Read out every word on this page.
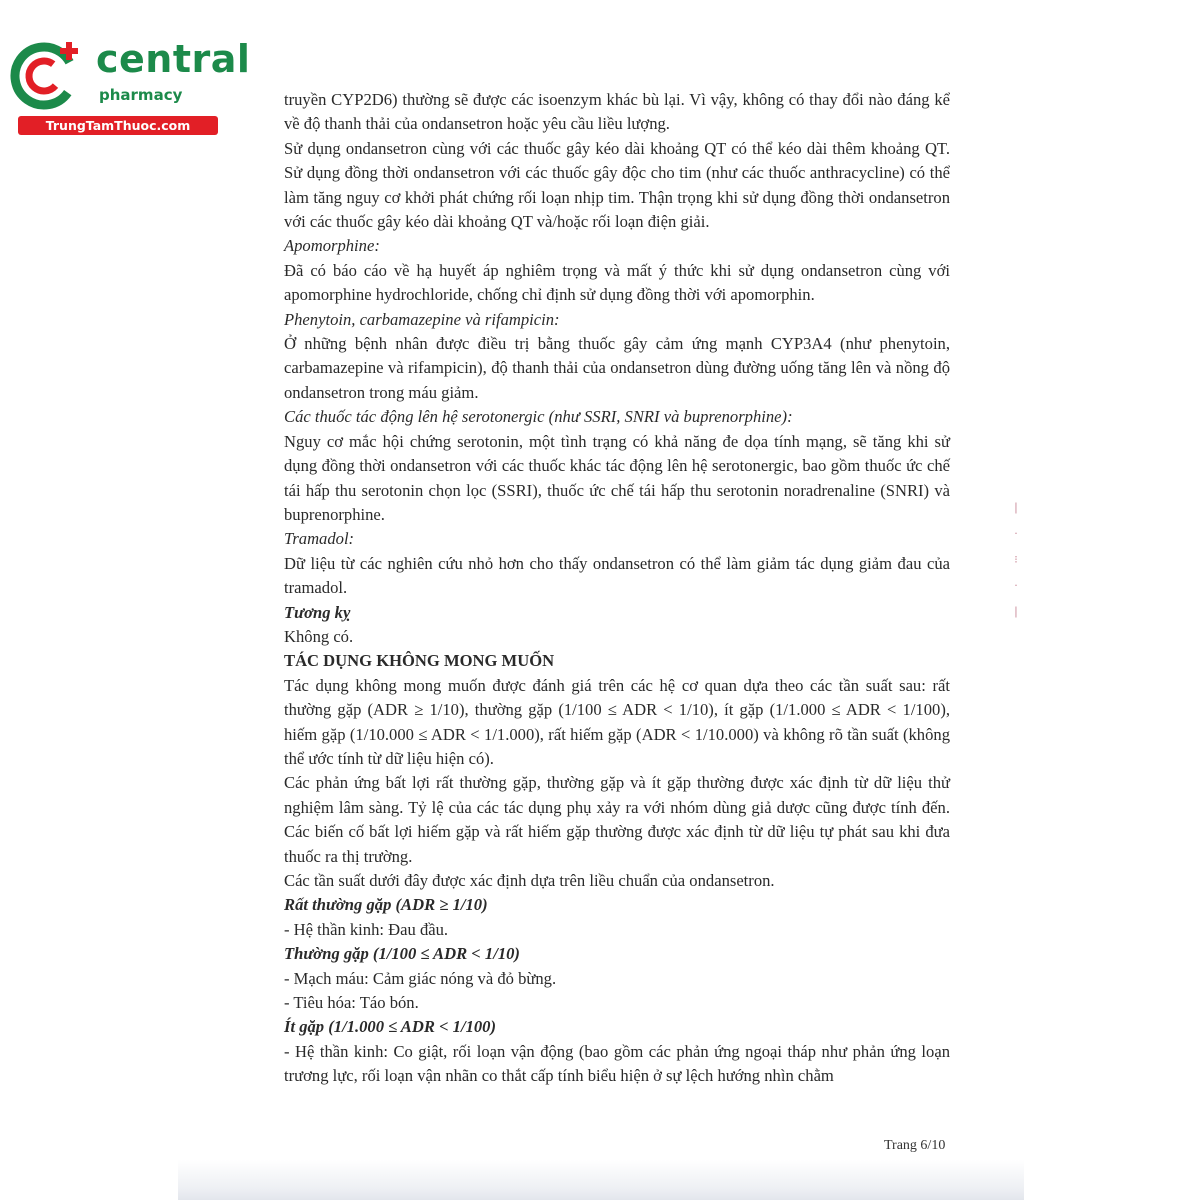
central
pharmacy
TrungTamThuoc.com

truyền CYP2D6) thường sẽ được các isoenzym khác bù lại. Vì vậy, không có thay đổi nào đáng kể về độ thanh thải của ondansetron hoặc yêu cầu liều lượng.

Sử dụng ondansetron cùng với các thuốc gây kéo dài khoảng QT có thể kéo dài thêm khoảng QT. Sử dụng đồng thời ondansetron với các thuốc gây độc cho tim (như các thuốc anthracycline) có thể làm tăng nguy cơ khởi phát chứng rối loạn nhịp tim. Thận trọng khi sử dụng đồng thời ondansetron với các thuốc gây kéo dài khoảng QT và/hoặc rối loạn điện giải.

Apomorphine:

Đã có báo cáo về hạ huyết áp nghiêm trọng và mất ý thức khi sử dụng ondansetron cùng với apomorphine hydrochloride, chống chỉ định sử dụng đồng thời với apomorphin.

Phenytoin, carbamazepine và rifampicin:

Ở những bệnh nhân được điều trị bằng thuốc gây cảm ứng mạnh CYP3A4 (như phenytoin, carbamazepine và rifampicin), độ thanh thải của ondansetron dùng đường uống tăng lên và nồng độ ondansetron trong máu giảm.

Các thuốc tác động lên hệ serotonergic (như SSRI, SNRI và buprenorphine):

Nguy cơ mắc hội chứng serotonin, một tình trạng có khả năng đe dọa tính mạng, sẽ tăng khi sử dụng đồng thời ondansetron với các thuốc khác tác động lên hệ serotonergic, bao gồm thuốc ức chế tái hấp thu serotonin chọn lọc (SSRI), thuốc ức chế tái hấp thu serotonin noradrenaline (SNRI) và buprenorphine.

Tramadol:

Dữ liệu từ các nghiên cứu nhỏ hơn cho thấy ondansetron có thể làm giảm tác dụng giảm đau của tramadol.

Tương kỵ

Không có.

TÁC DỤNG KHÔNG MONG MUỐN

Tác dụng không mong muốn được đánh giá trên các hệ cơ quan dựa theo các tần suất sau: rất thường gặp (ADR ≥ 1/10), thường gặp (1/100 ≤ ADR < 1/10), ít gặp (1/1.000 ≤ ADR < 1/100), hiếm gặp (1/10.000 ≤ ADR < 1/1.000), rất hiếm gặp (ADR < 1/10.000) và không rõ tần suất (không thể ước tính từ dữ liệu hiện có).

Các phản ứng bất lợi rất thường gặp, thường gặp và ít gặp thường được xác định từ dữ liệu thử nghiệm lâm sàng. Tỷ lệ của các tác dụng phụ xảy ra với nhóm dùng giả dược cũng được tính đến. Các biến cố bất lợi hiếm gặp và rất hiếm gặp thường được xác định từ dữ liệu tự phát sau khi đưa thuốc ra thị trường.

Các tần suất dưới đây được xác định dựa trên liều chuẩn của ondansetron.

Rất thường gặp (ADR ≥ 1/10)

- Hệ thần kinh: Đau đầu.

Thường gặp (1/100 ≤ ADR < 1/10)

- Mạch máu: Cảm giác nóng và đỏ bừng.

- Tiêu hóa: Táo bón.

Ít gặp (1/1.000 ≤ ADR < 1/100)

- Hệ thần kinh: Co giật, rối loạn vận động (bao gồm các phản ứng ngoại tháp như phản ứng loạn trương lực, rối loạn vận nhãn co thắt cấp tính biểu hiện ở sự lệch hướng nhìn chằm

❘
·
⁝
·
❘
Trang 6/10
